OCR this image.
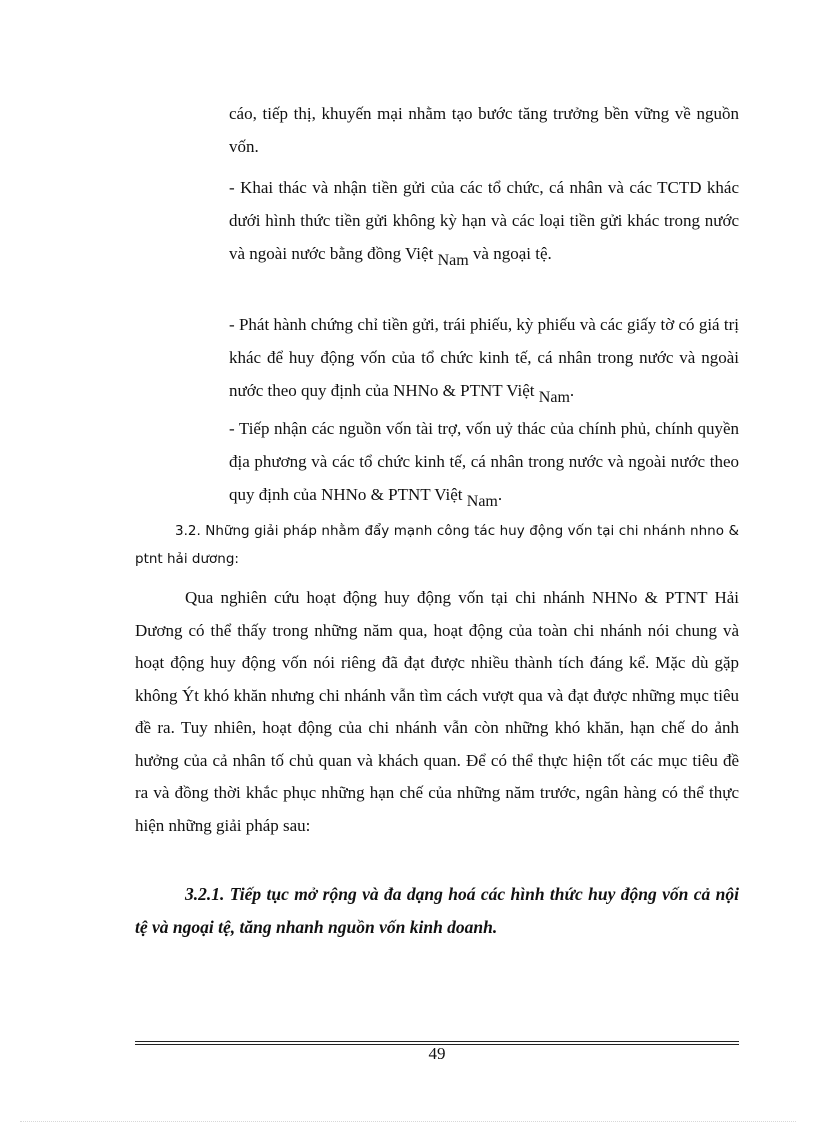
cáo, tiếp thị, khuyến mại nhằm tạo bước tăng trưởng bền vững về nguồn vốn.

- Khai thác và nhận tiền gửi của các tổ chức, cá nhân và các TCTD khác dưới hình thức tiền gửi không kỳ hạn và các loại tiền gửi khác trong nước và ngoài nước bằng đồng Việt Nam và ngoại tệ.

- Phát hành chứng chỉ tiền gửi, trái phiếu, kỳ phiếu và các giấy tờ có giá trị khác để huy động vốn của tổ chức kinh tế, cá nhân trong nước và ngoài nước theo quy định của NHNo & PTNT Việt Nam.

- Tiếp nhận các nguồn vốn tài trợ, vốn uỷ thác của chính phủ, chính quyền địa phương và các tổ chức kinh tế, cá nhân trong nước và ngoài nước theo quy định của NHNo & PTNT Việt Nam.

3.2. Những giải pháp nhằm đẩy mạnh công tác huy động vốn tại chi nhánh nhno & ptnt hải dương:

Qua nghiên cứu hoạt động huy động vốn tại chi nhánh NHNo & PTNT Hải Dương có thể thấy trong những năm qua, hoạt động của toàn chi nhánh nói chung và hoạt động huy động vốn nói riêng đã đạt được nhiều thành tích đáng kể. Mặc dù gặp không Ýt khó khăn nhưng chi nhánh vẫn tìm cách vượt qua và đạt được những mục tiêu đề ra. Tuy nhiên, hoạt động của chi nhánh vẫn còn những khó khăn, hạn chế do ảnh hưởng của cả nhân tố chủ quan và khách quan. Để có thể thực hiện tốt các mục tiêu đề ra và đồng thời khắc phục những hạn chế của những năm trước, ngân hàng có thể thực hiện những giải pháp sau:

3.2.1. Tiếp tục mở rộng và đa dạng hoá các hình thức huy động vốn cả nội tệ và ngoại tệ, tăng nhanh nguồn vốn kinh doanh.

49
